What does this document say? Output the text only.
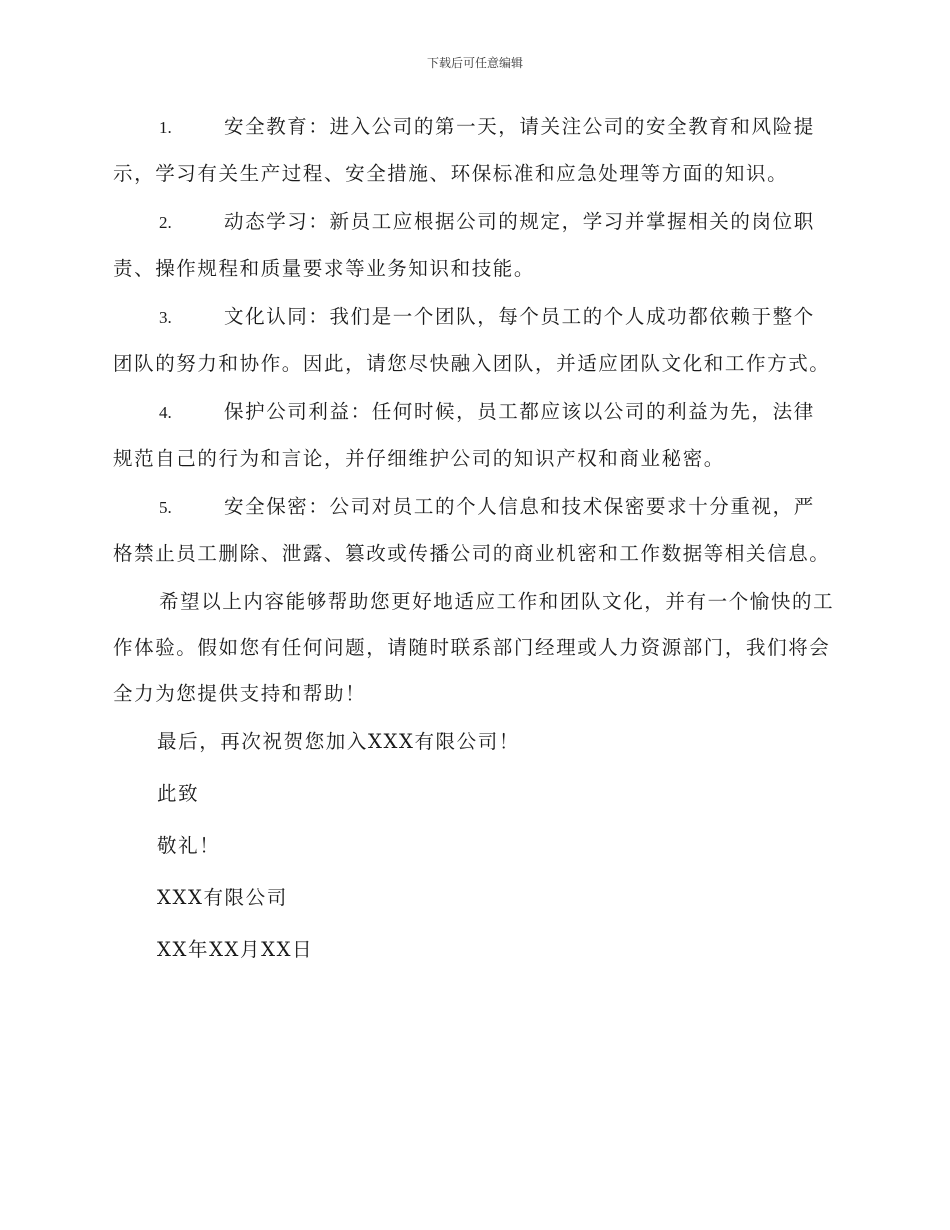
下载后可任意编辑

1.	安全教育：进入公司的第一天，请关注公司的安全教育和风险提示，学习有关生产过程、安全措施、环保标准和应急处理等方面的知识。

2.	动态学习：新员工应根据公司的规定，学习并掌握相关的岗位职责、操作规程和质量要求等业务知识和技能。

3.	文化认同：我们是一个团队，每个员工的个人成功都依赖于整个团队的努力和协作。因此，请您尽快融入团队，并适应团队文化和工作方式。

4.	保护公司利益：任何时候，员工都应该以公司的利益为先，法律规范自己的行为和言论，并仔细维护公司的知识产权和商业秘密。

5.	安全保密：公司对员工的个人信息和技术保密要求十分重视，严格禁止员工删除、泄露、篡改或传播公司的商业机密和工作数据等相关信息。

希望以上内容能够帮助您更好地适应工作和团队文化，并有一个愉快的工作体验。假如您有任何问题，请随时联系部门经理或人力资源部门，我们将会全力为您提供支持和帮助！

最后，再次祝贺您加入XXX有限公司！

此致

敬礼！

XXX有限公司

XX年XX月XX日
